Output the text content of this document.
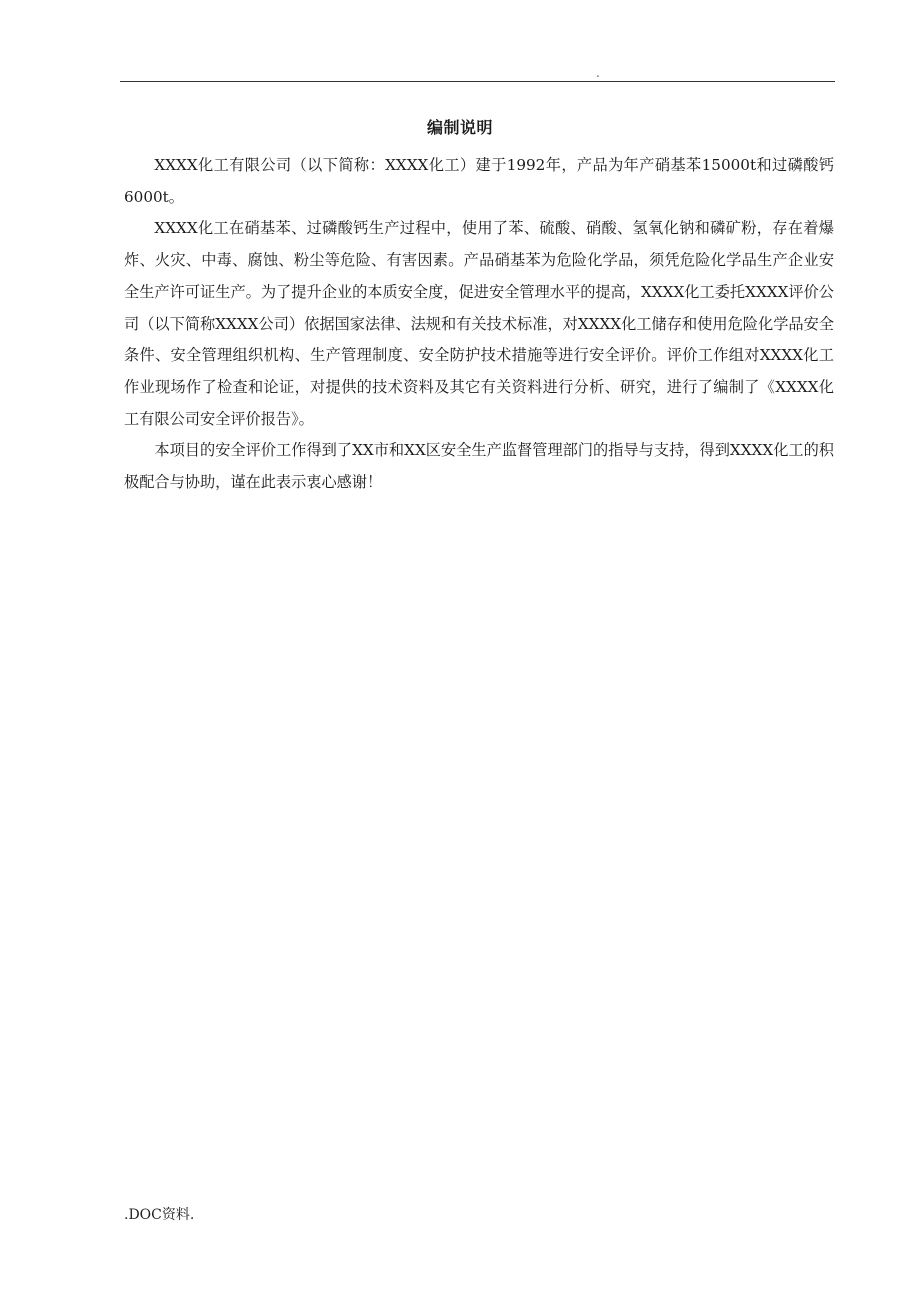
.
编制说明

XXXX化工有限公司（以下简称：XXXX化工）建于1992年，产品为年产硝基苯15000t和过磷酸钙6000t。

XXXX化工在硝基苯、过磷酸钙生产过程中，使用了苯、硫酸、硝酸、氢氧化钠和磷矿粉，存在着爆炸、火灾、中毒、腐蚀、粉尘等危险、有害因素。产品硝基苯为危险化学品，须凭危险化学品生产企业安全生产许可证生产。为了提升企业的本质安全度，促进安全管理水平的提高，XXXX化工委托XXXX评价公司（以下简称XXXX公司）依据国家法律、法规和有关技术标准，对XXXX化工储存和使用危险化学品安全条件、安全管理组织机构、生产管理制度、安全防护技术措施等进行安全评价。评价工作组对XXXX化工作业现场作了检查和论证，对提供的技术资料及其它有关资料进行分析、研究，进行了编制了《XXXX化工有限公司安全评价报告》。

本项目的安全评价工作得到了XX市和XX区安全生产监督管理部门的指导与支持，得到XXXX化工的积极配合与协助，谨在此表示衷心感谢！

.DOC资料.
